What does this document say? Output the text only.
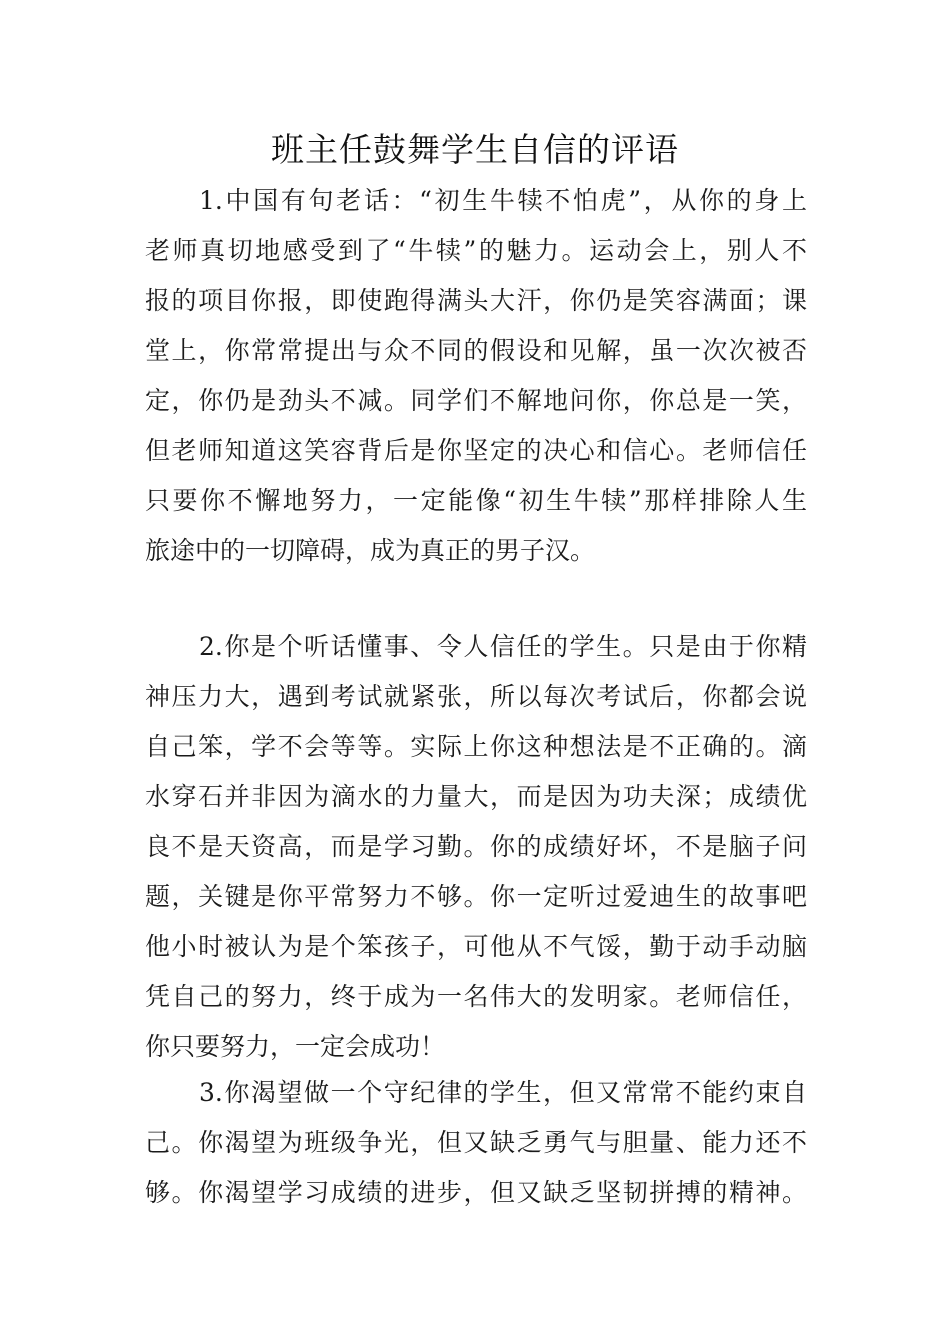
班主任鼓舞学生自信的评语
1.中国有句老话：“初生牛犊不怕虎”，从你的身上
老师真切地感受到了“牛犊”的魅力。运动会上，别人不
报的项目你报，即使跑得满头大汗，你仍是笑容满面；课
堂上，你常常提出与众不同的假设和见解，虽一次次被否
定，你仍是劲头不减。同学们不解地问你，你总是一笑，
但老师知道这笑容背后是你坚定的决心和信心。老师信任
只要你不懈地努力，一定能像“初生牛犊”那样排除人生
旅途中的一切障碍，成为真正的男子汉。
2.你是个听话懂事、令人信任的学生。只是由于你精
神压力大，遇到考试就紧张，所以每次考试后，你都会说
自己笨，学不会等等。实际上你这种想法是不正确的。滴
水穿石并非因为滴水的力量大，而是因为功夫深；成绩优
良不是天资高，而是学习勤。你的成绩好坏，不是脑子问
题，关键是你平常努力不够。你一定听过爱迪生的故事吧
他小时被认为是个笨孩子，可他从不气馁，勤于动手动脑
凭自己的努力，终于成为一名伟大的发明家。老师信任，
你只要努力，一定会成功！
3.你渴望做一个守纪律的学生，但又常常不能约束自
己。你渴望为班级争光，但又缺乏勇气与胆量、能力还不
够。你渴望学习成绩的进步，但又缺乏坚韧拼搏的精神。
